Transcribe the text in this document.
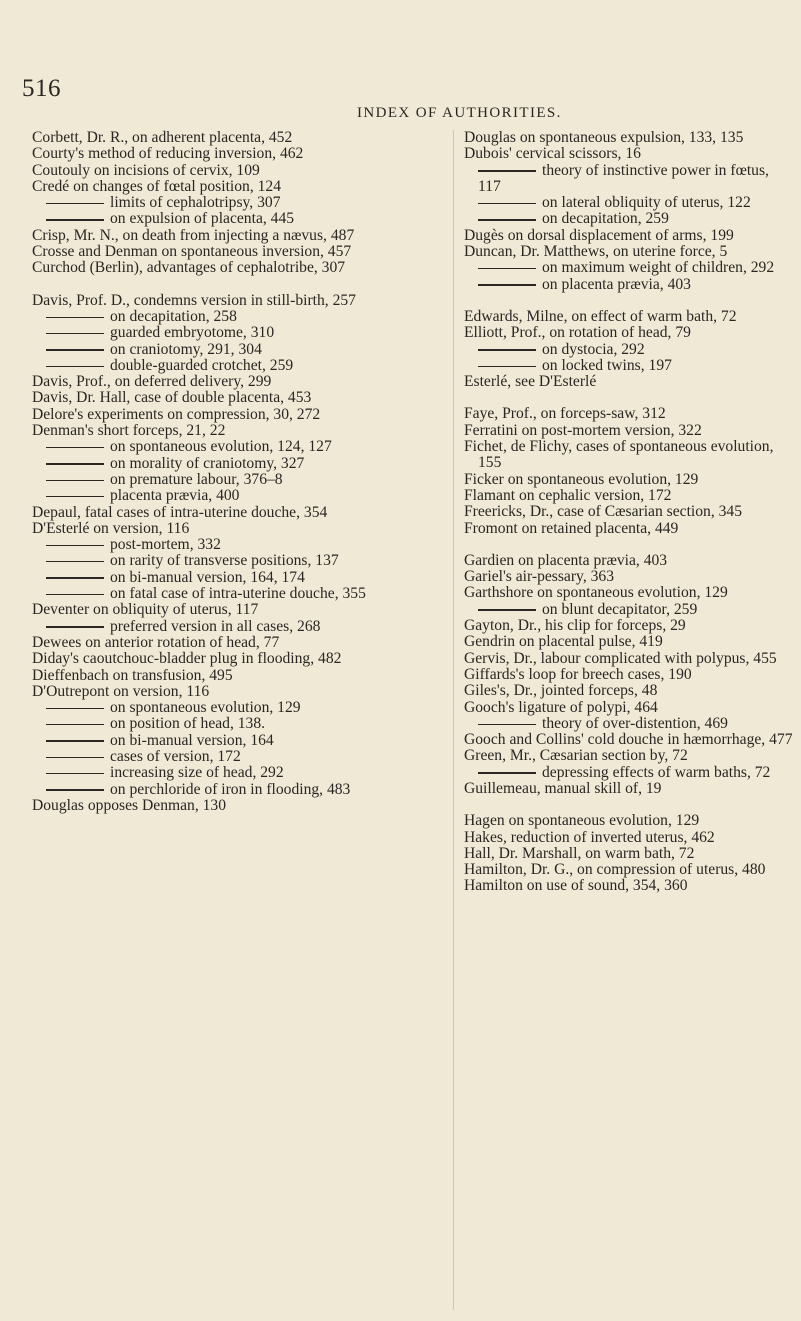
516
INDEX OF AUTHORITIES.
Corbett, Dr. R., on adherent placenta, 452
Courty's method of reducing inversion, 462
Coutouly on incisions of cervix, 109
Credé on changes of fœtal position, 124
limits of cephalotripsy, 307
on expulsion of placenta, 445
Crisp, Mr. N., on death from injecting a nævus, 487
Crosse and Denman on spontaneous inversion, 457
Curchod (Berlin), advantages of cephalotribe, 307
Davis, Prof. D., condemns version in still-birth, 257
on decapitation, 258
guarded embryotome, 310
on craniotomy, 291, 304
double-guarded crotchet, 259
Davis, Prof., on deferred delivery, 299
Davis, Dr. Hall, case of double placenta, 453
Delore's experiments on compression, 30, 272
Denman's short forceps, 21, 22
on spontaneous evolution, 124, 127
on morality of craniotomy, 327
on premature labour, 376–8
placenta prævia, 400
Depaul, fatal cases of intra-uterine douche, 354
D'Esterlé on version, 116
post-mortem, 332
on rarity of transverse positions, 137
on bi-manual version, 164, 174
on fatal case of intra-uterine douche, 355
Deventer on obliquity of uterus, 117
preferred version in all cases, 268
Dewees on anterior rotation of head, 77
Diday's caoutchouc-bladder plug in flooding, 482
Dieffenbach on transfusion, 495
D'Outrepont on version, 116
on spontaneous evolution, 129
on position of head, 138.
on bi-manual version, 164
cases of version, 172
increasing size of head, 292
on perchloride of iron in flooding, 483
Douglas opposes Denman, 130
Douglas on spontaneous expulsion, 133, 135
Dubois' cervical scissors, 16
theory of instinctive power in fœtus, 117
on lateral obliquity of uterus, 122
on decapitation, 259
Dugès on dorsal displacement of arms, 199
Duncan, Dr. Matthews, on uterine force, 5
on maximum weight of children, 292
on placenta prævia, 403
Edwards, Milne, on effect of warm bath, 72
Elliott, Prof., on rotation of head, 79
on dystocia, 292
on locked twins, 197
Esterlé, see D'Esterlé
Faye, Prof., on forceps-saw, 312
Ferratini on post-mortem version, 322
Fichet, de Flichy, cases of spontaneous evolution, 155
Ficker on spontaneous evolution, 129
Flamant on cephalic version, 172
Freericks, Dr., case of Cæsarian section, 345
Fromont on retained placenta, 449
Gardien on placenta prævia, 403
Gariel's air-pessary, 363
Garthshore on spontaneous evolution, 129
on blunt decapitator, 259
Gayton, Dr., his clip for forceps, 29
Gendrin on placental pulse, 419
Gervis, Dr., labour complicated with polypus, 455
Giffards's loop for breech cases, 190
Giles's, Dr., jointed forceps, 48
Gooch's ligature of polypi, 464
theory of over-distention, 469
Gooch and Collins' cold douche in hæmorrhage, 477
Green, Mr., Cæsarian section by, 72
depressing effects of warm baths, 72
Guillemeau, manual skill of, 19
Hagen on spontaneous evolution, 129
Hakes, reduction of inverted uterus, 462
Hall, Dr. Marshall, on warm bath, 72
Hamilton, Dr. G., on compression of uterus, 480
Hamilton on use of sound, 354, 360
